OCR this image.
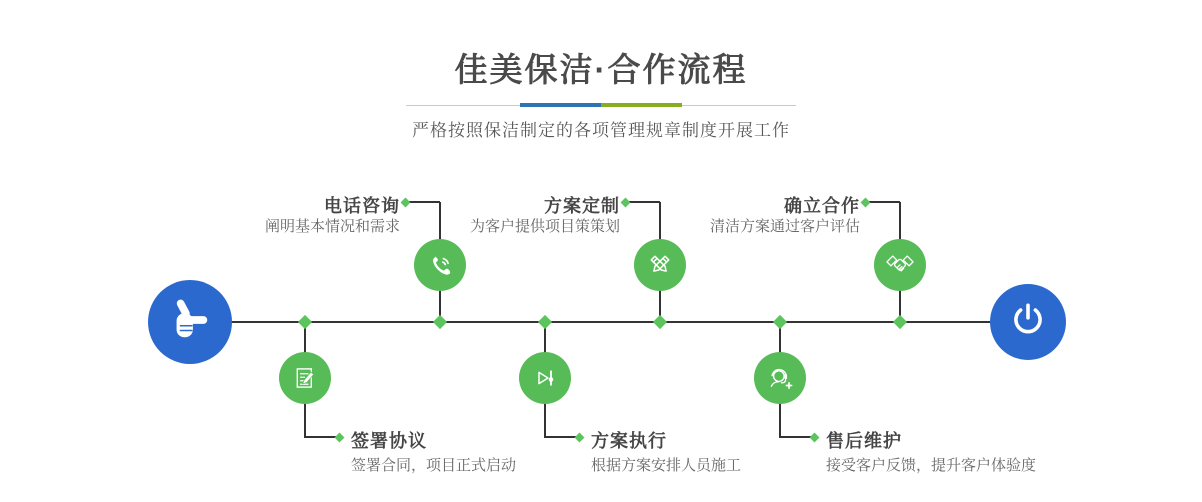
佳美保洁·合作流程

严格按照保洁制定的各项管理规章制度开展工作

签署协议
签署合同，项目正式启动
电话咨询
阐明基本情况和需求
方案执行
根据方案安排人员施工
方案定制
为客户提供项目策策划
售后维护
接受客户反馈，提升客户体验度
确立合作
清洁方案通过客户评估
